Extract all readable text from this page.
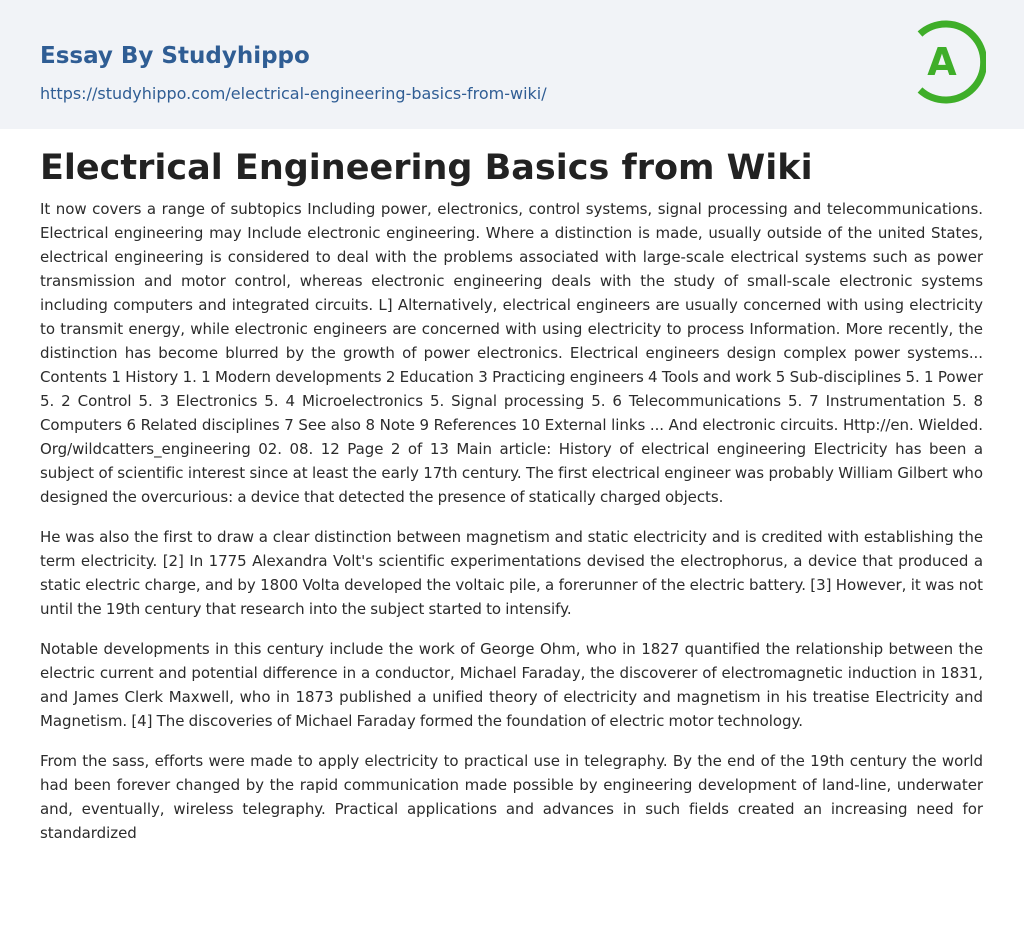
Essay By Studyhippo
https://studyhippo.com/electrical-engineering-basics-from-wiki/
A
Electrical Engineering Basics from Wiki

It now covers a range of subtopics Including power, electronics, control systems, signal processing and telecommunications. Electrical engineering may Include electronic engineering. Where a distinction is made, usually outside of the united States, electrical engineering is considered to deal with the problems associated with large-scale electrical systems such as power transmission and motor control, whereas electronic engineering deals with the study of small-scale electronic systems including computers and integrated circuits. L] Alternatively, electrical engineers are usually concerned with using electricity to transmit energy, while electronic engineers are concerned with using electricity to process Information. More recently, the distinction has become blurred by the growth of power electronics. Electrical engineers design complex power systems... Contents 1 History 1. 1 Modern developments 2 Education 3 Practicing engineers 4 Tools and work 5 Sub-disciplines 5. 1 Power 5. 2 Control 5. 3 Electronics 5. 4 Microelectronics 5. Signal processing 5. 6 Telecommunications 5. 7 Instrumentation 5. 8 Computers 6 Related disciplines 7 See also 8 Note 9 References 10 External links ... And electronic circuits. Http://en. Wielded. Org/wildcatters_engineering 02. 08. 12 Page 2 of 13 Main article: History of electrical engineering Electricity has been a subject of scientific interest since at least the early 17th century. The first electrical engineer was probably William Gilbert who designed the overcurious: a device that detected the presence of statically charged objects.

He was also the first to draw a clear distinction between magnetism and static electricity and is credited with establishing the term electricity. [2] In 1775 Alexandra Volt's scientific experimentations devised the electrophorus, a device that produced a static electric charge, and by 1800 Volta developed the voltaic pile, a forerunner of the electric battery. [3] However, it was not until the 19th century that research into the subject started to intensify.

Notable developments in this century include the work of George Ohm, who in 1827 quantified the relationship between the electric current and potential difference in a conductor, Michael Faraday, the discoverer of electromagnetic induction in 1831, and James Clerk Maxwell, who in 1873 published a unified theory of electricity and magnetism in his treatise Electricity and Magnetism. [4] The discoveries of Michael Faraday formed the foundation of electric motor technology.

From the sass, efforts were made to apply electricity to practical use in telegraphy. By the end of the 19th century the world had been forever changed by the rapid communication made possible by engineering development of land-line, underwater and, eventually, wireless telegraphy. Practical applications and advances in such fields created an increasing need for standardized
